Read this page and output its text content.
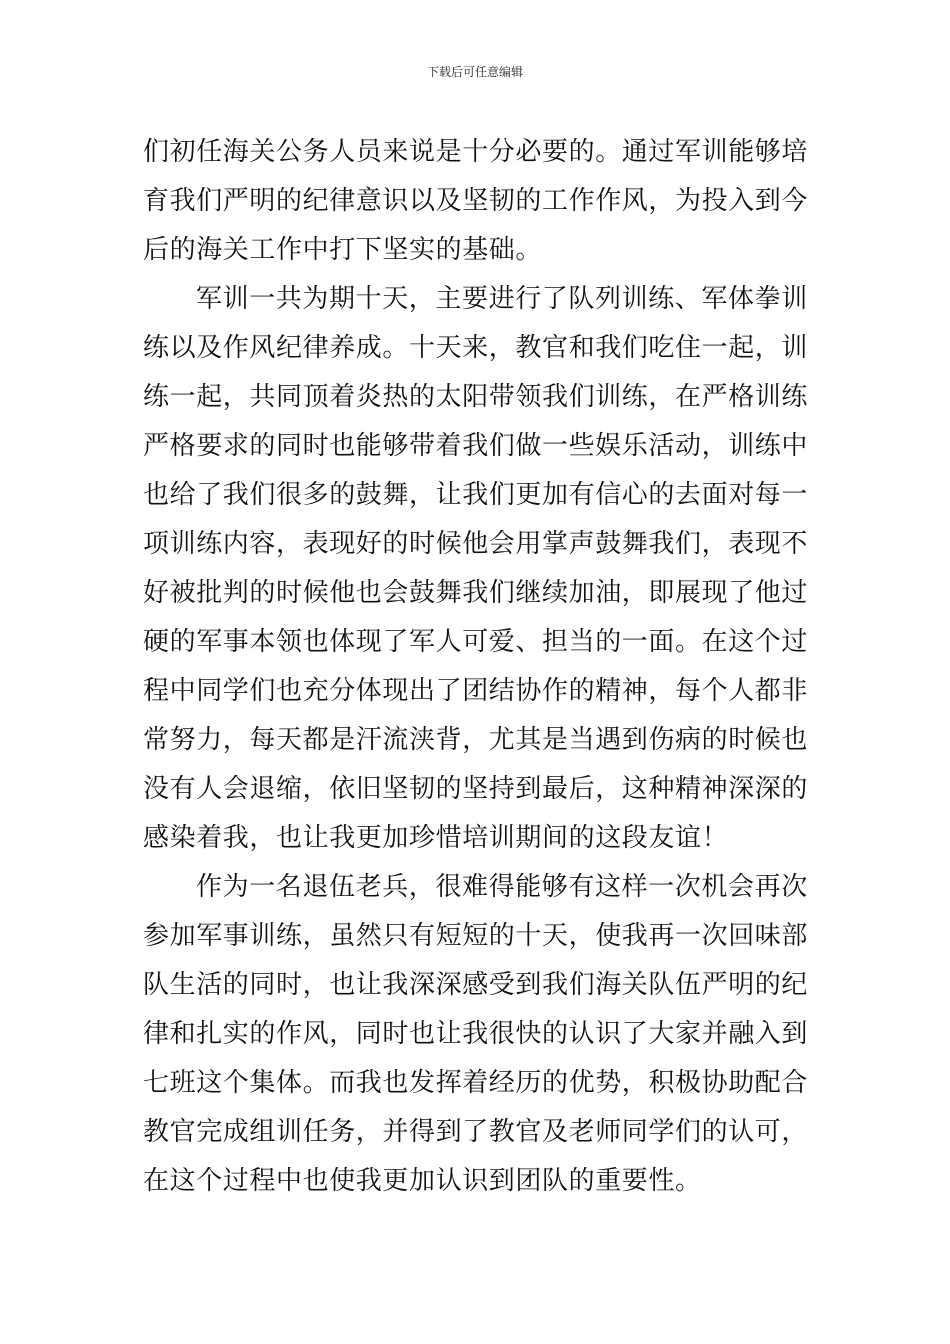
下载后可任意编辑
们初任海关公务人员来说是十分必要的。通过军训能够培
育我们严明的纪律意识以及坚韧的工作作风，为投入到今
后的海关工作中打下坚实的基础。
军训一共为期十天，主要进行了队列训练、军体拳训
练以及作风纪律养成。十天来，教官和我们吃住一起，训
练一起，共同顶着炎热的太阳带领我们训练，在严格训练
严格要求的同时也能够带着我们做一些娱乐活动，训练中
也给了我们很多的鼓舞，让我们更加有信心的去面对每一
项训练内容，表现好的时候他会用掌声鼓舞我们，表现不
好被批判的时候他也会鼓舞我们继续加油，即展现了他过
硬的军事本领也体现了军人可爱、担当的一面。在这个过
程中同学们也充分体现出了团结协作的精神，每个人都非
常努力，每天都是汗流浃背，尤其是当遇到伤病的时候也
没有人会退缩，依旧坚韧的坚持到最后，这种精神深深的
感染着我，也让我更加珍惜培训期间的这段友谊！
作为一名退伍老兵，很难得能够有这样一次机会再次
参加军事训练，虽然只有短短的十天，使我再一次回味部
队生活的同时，也让我深深感受到我们海关队伍严明的纪
律和扎实的作风，同时也让我很快的认识了大家并融入到
七班这个集体。而我也发挥着经历的优势，积极协助配合
教官完成组训任务，并得到了教官及老师同学们的认可，
在这个过程中也使我更加认识到团队的重要性。
